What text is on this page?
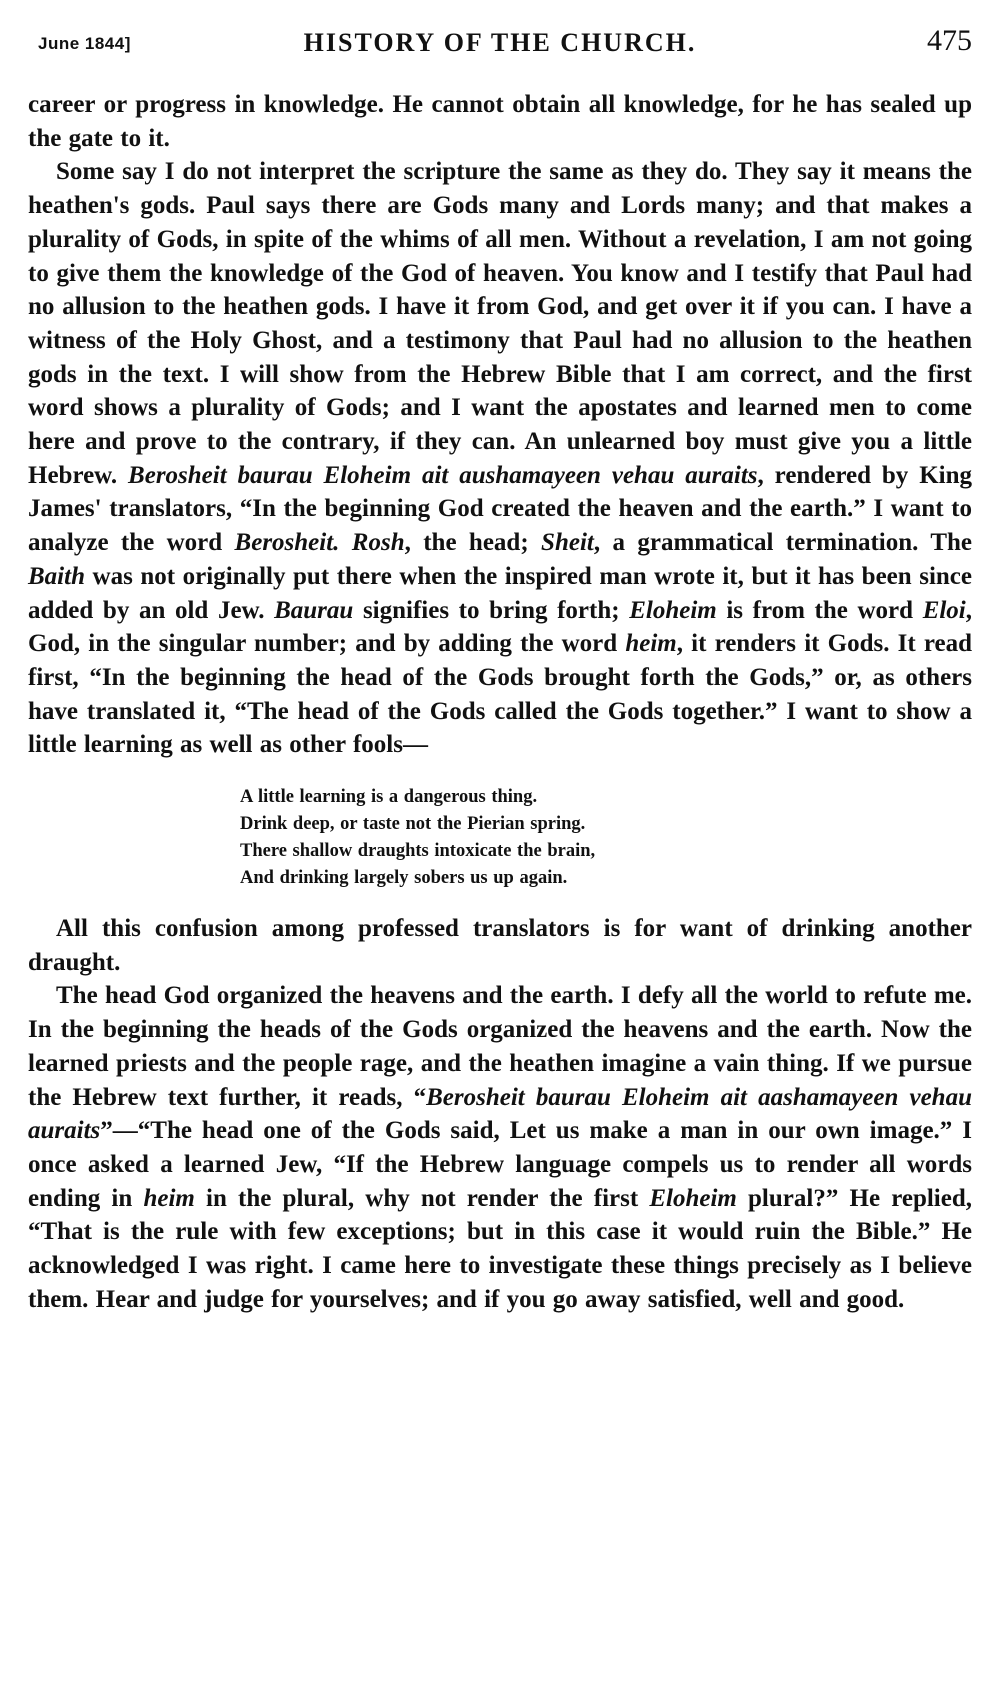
June 1844]	HISTORY OF THE CHURCH.	475

career or progress in knowledge. He cannot obtain all knowledge, for he has sealed up the gate to it.

Some say I do not interpret the scripture the same as they do. They say it means the heathen's gods. Paul says there are Gods many and Lords many; and that makes a plurality of Gods, in spite of the whims of all men. Without a revelation, I am not going to give them the knowledge of the God of heaven. You know and I testify that Paul had no allusion to the heathen gods. I have it from God, and get over it if you can. I have a witness of the Holy Ghost, and a testimony that Paul had no allusion to the heathen gods in the text. I will show from the Hebrew Bible that I am correct, and the first word shows a plurality of Gods; and I want the apostates and learned men to come here and prove to the contrary, if they can. An unlearned boy must give you a little Hebrew. Berosheit baurau Eloheim ait aushamayeen vehau auraits, rendered by King James' translators, “In the beginning God created the heaven and the earth.” I want to analyze the word Berosheit. Rosh, the head; Sheit, a grammatical termination. The Baith was not originally put there when the inspired man wrote it, but it has been since added by an old Jew. Baurau signifies to bring forth; Eloheim is from the word Eloi, God, in the singular number; and by adding the word heim, it renders it Gods. It read first, “In the beginning the head of the Gods brought forth the Gods,” or, as others have translated it, “The head of the Gods called the Gods together.” I want to show a little learning as well as other fools—

A little learning is a dangerous thing.
Drink deep, or taste not the Pierian spring.
There shallow draughts intoxicate the brain,
And drinking largely sobers us up again.

All this confusion among professed translators is for want of drinking another draught.

The head God organized the heavens and the earth. I defy all the world to refute me. In the beginning the heads of the Gods organized the heavens and the earth. Now the learned priests and the people rage, and the heathen imagine a vain thing. If we pursue the Hebrew text further, it reads, “Berosheit baurau Eloheim ait aashamayeen vehau auraits”—“The head one of the Gods said, Let us make a man in our own image.” I once asked a learned Jew, “If the Hebrew language compels us to render all words ending in heim in the plural, why not render the first Eloheim plural?” He replied, “That is the rule with few exceptions; but in this case it would ruin the Bible.” He acknowledged I was right. I came here to investigate these things precisely as I believe them. Hear and judge for yourselves; and if you go away satisfied, well and good.
